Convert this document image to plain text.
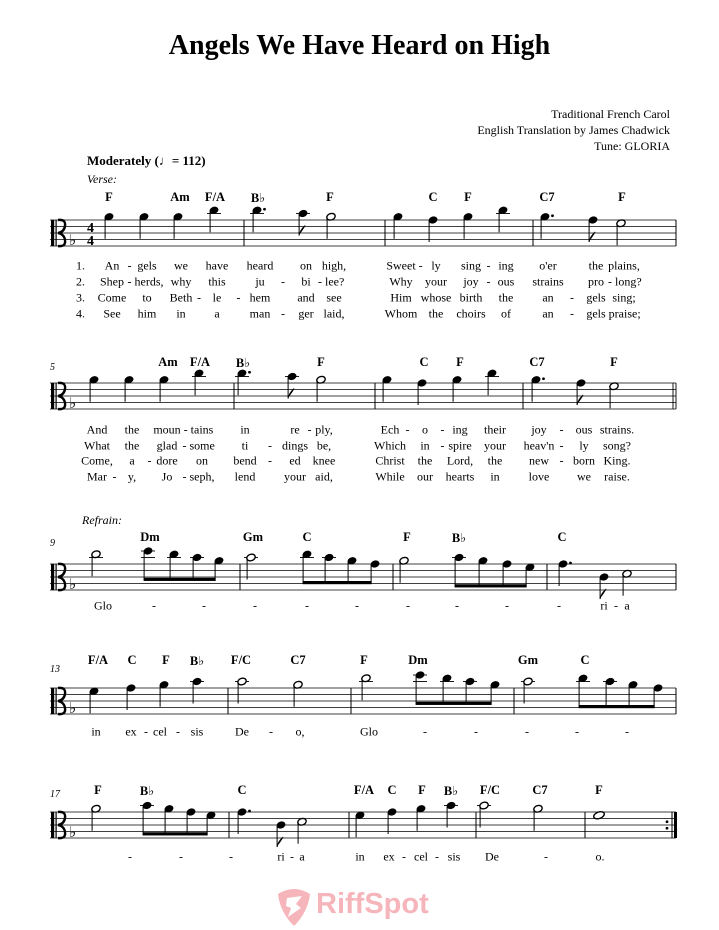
♭
4
4
♭
♭
♭
♭
Angels We Have Heard on High
Traditional French Carol
English Translation by James Chadwick
Tune: GLORIA
Moderately (♩= 112)
Verse:
Refrain:
RiffSpot
F	Am F/A B♭	F	C F	C7	F
1. An - gels we have heard on high,	Sweet - ly sing - ing o'er	the plains,
2. Shep - herds, why this ju - bi - lee?	Why your joy - ous strains pro - long?
3. Come to Beth - le - hem and see	Him whose birth the an - gels sing;
4. See him in a	man - ger laid,	Whom the choirs of	an - gels praise;
Am F/A B♭	F	C F	C7	F
5
And the moun - tains in	re - ply,	Ech - o - ing their joy - ous strains.
What the glad - some ti - dings be,	Which in - spire your heav'n - ly song?
Come, a - dore on bend - ed knee	Christ the Lord, the new - born King.
Mar - y, Jo - seph, lend your aid,	While our hearts in love we raise.
Dm	Gm	C	F	B♭	C
9
Glo	-	-	-	-	-	-	-	-	-	ri - a
F/A C F B♭ F/C	C7	F	Dm	Gm	C
13
in ex - cel - sis	De - o,	Glo	-	-	-	-	-
F	B♭	C	F/A C F B♭ F/C	C7	F
17
-	-	-	ri - a	in ex - cel - sis De	-	o.
